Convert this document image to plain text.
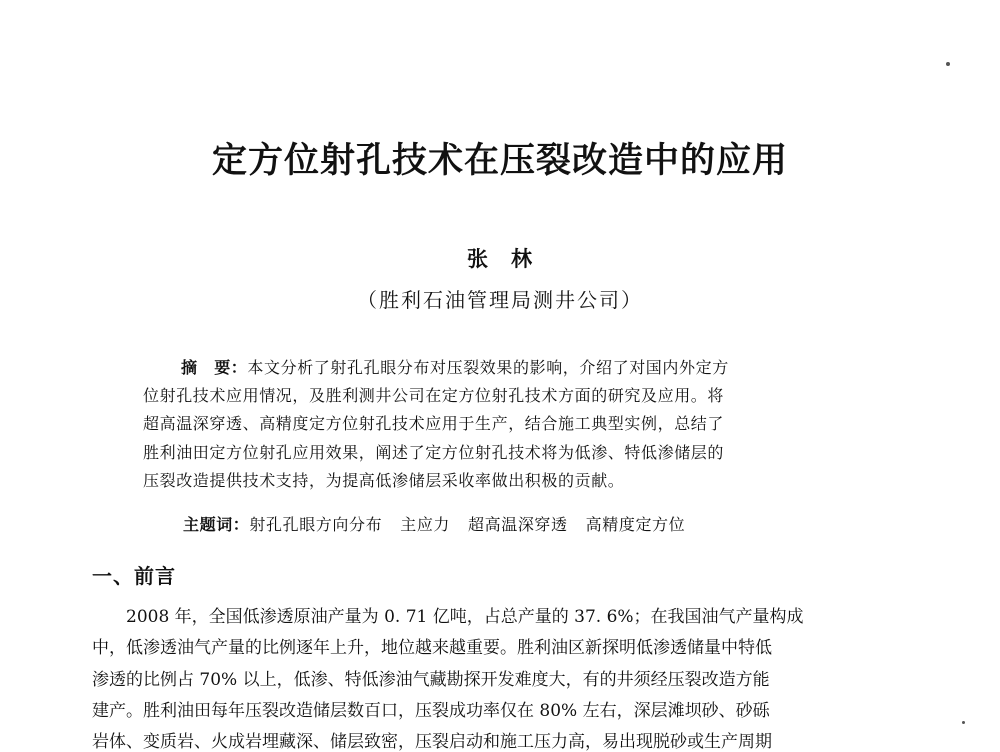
定方位射孔技术在压裂改造中的应用
张　林
（胜利石油管理局测井公司）
摘　要：本文分析了射孔孔眼分布对压裂效果的影响，介绍了对国内外定方
位射孔技术应用情况，及胜利测井公司在定方位射孔技术方面的研究及应用。将
超高温深穿透、高精度定方位射孔技术应用于生产，结合施工典型实例，总结了
胜利油田定方位射孔应用效果，阐述了定方位射孔技术将为低渗、特低渗储层的
压裂改造提供技术支持，为提高低渗储层采收率做出积极的贡献。
主题词：射孔孔眼方向分布 主应力 超高温深穿透 高精度定方位
一、前言
2008 年，全国低渗透原油产量为 0. 71 亿吨，占总产量的 37. 6%；在我国油气产量构成
中，低渗透油气产量的比例逐年上升，地位越来越重要。胜利油区新探明低渗透储量中特低
渗透的比例占 70% 以上，低渗、特低渗油气藏勘探开发难度大，有的井须经压裂改造方能
建产。胜利油田每年压裂改造储层数百口，压裂成功率仅在 80% 左右，深层滩坝砂、砂砾
岩体、变质岩、火成岩埋藏深、储层致密，压裂启动和施工压力高，易出现脱砂或生产周期
